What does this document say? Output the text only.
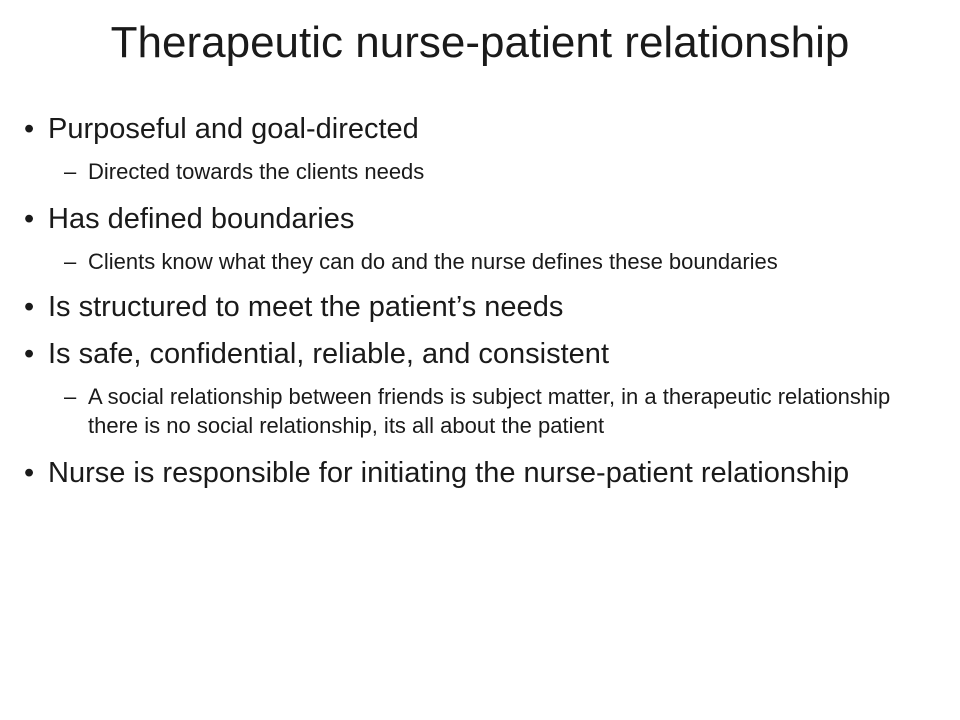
Therapeutic nurse-patient relationship
• Purposeful and goal-directed
– Directed towards the clients needs
• Has defined boundaries
– Clients know what they can do and the nurse defines these boundaries
• Is structured to meet the patient’s needs
• Is safe, confidential, reliable, and consistent
– A social relationship between friends is subject matter, in a therapeutic relationship there is no social relationship, its all about the patient
• Nurse is responsible for initiating the nurse-patient relationship
